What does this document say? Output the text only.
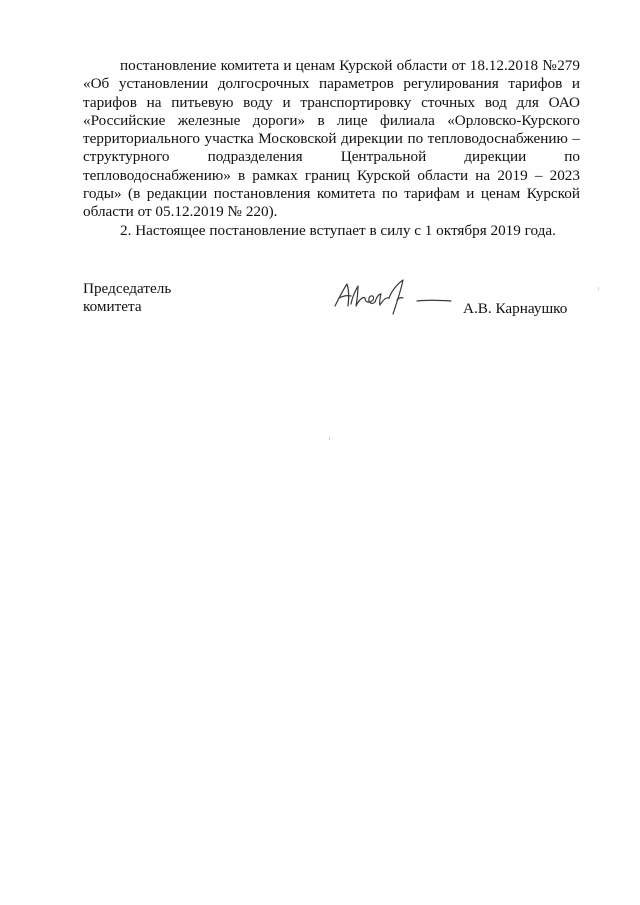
постановление комитета и ценам Курской области от 18.12.2018 №279 «Об установлении долгосрочных параметров регулирования тарифов и тарифов на питьевую воду и транспортировку сточных вод для ОАО «Российские железные дороги» в лице филиала «Орловско-Курского территориального участка Московской дирекции по тепловодоснабжению – структурного подразделения Центральной дирекции по тепловодоснабжению» в рамках границ Курской области на 2019 – 2023 годы» (в редакции постановления комитета по тарифам и ценам Курской области от 05.12.2019 № 220).

2. Настоящее постановление вступает в силу с 1 октября 2019 года.

Председатель
комитета	А.В. Карнаушко
